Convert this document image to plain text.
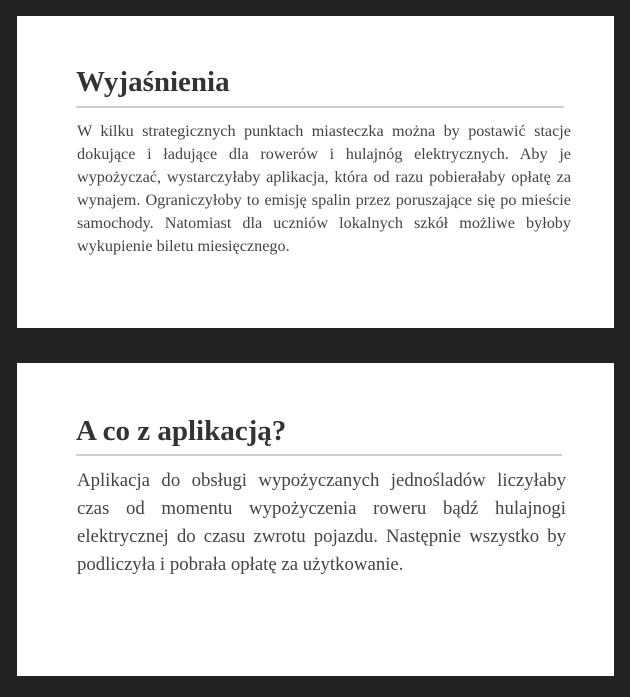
Wyjaśnienia

W kilku strategicznych punktach miasteczka można by postawić stacje dokujące i ładujące dla rowerów i hulajnóg elektrycznych. Aby je wypożyczać, wystarczyłaby aplikacja, która od razu pobierałaby opłatę za wynajem. Ograniczyłoby to emisję spalin przez poruszające się po mieście samochody. Natomiast dla uczniów lokalnych szkół możliwe byłoby wykupienie biletu miesięcznego.

A co z aplikacją?

Aplikacja do obsługi wypożyczanych jednośladów liczyłaby czas od momentu wypożyczenia roweru bądź hulajnogi elektrycznej do czasu zwrotu pojazdu. Następnie wszystko by podliczyła i pobrała opłatę za użytkowanie.
